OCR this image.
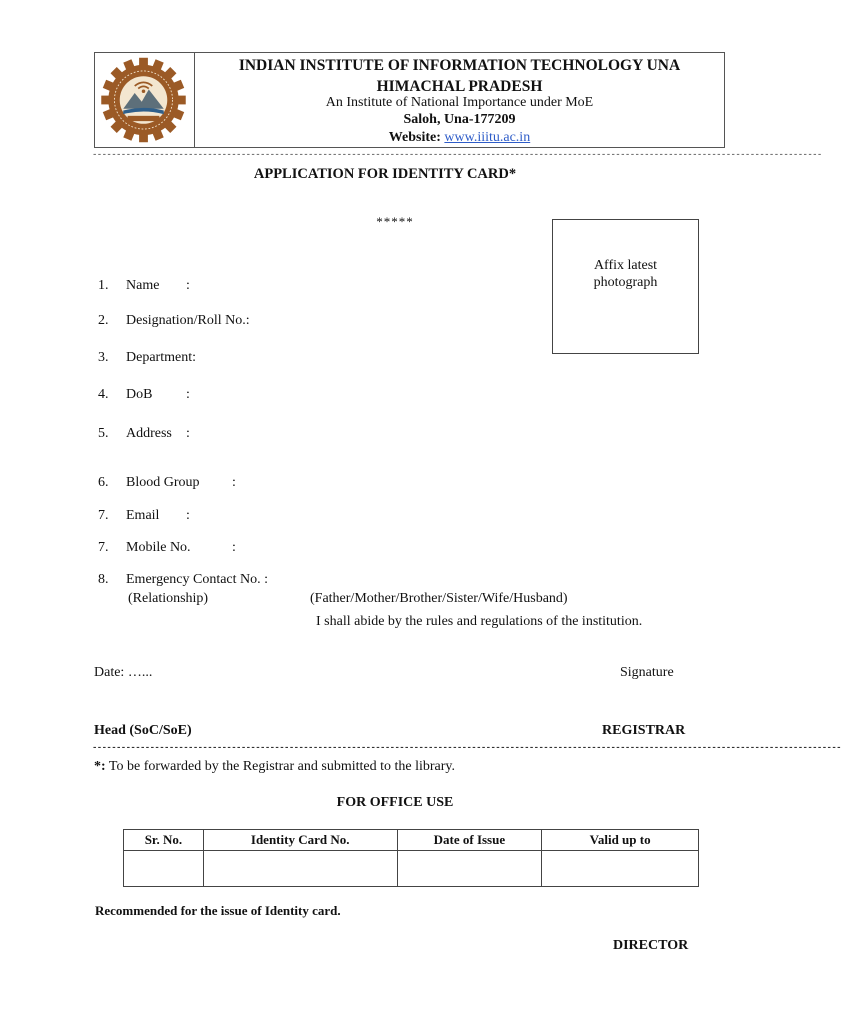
INDIAN INSTITUTE OF INFORMATION TECHNOLOGY UNA
HIMACHAL PRADESH
An Institute of National Importance under MoE
Saloh, Una-177209
Website: www.iiitu.ac.in
--------------------------------------------------------------------------------------------------------------------------------------------------------
APPLICATION FOR IDENTITY CARD*
*****
Affix latest
photograph
1. Name :
2. Designation/Roll No.:
3. Department:
4. DoB :
5. Address :
6. Blood Group :
7. Email :
7. Mobile No.	:
8. Emergency Contact No. :
(Relationship)	(Father/Mother/Brother/Sister/Wife/Husband)
I shall abide by the rules and regulations of the institution.
Date: …...	Signature
Head (SoC/SoE)	REGISTRAR
------------------------------------------------------------------------------------------------------------------------------------------------------------
*: To be forwarded by the Registrar and submitted to the library.
FOR OFFICE USE
Sr. No.	Identity Card No.	Date of Issue	Valid up to

Recommended for the issue of Identity card.
DIRECTOR
